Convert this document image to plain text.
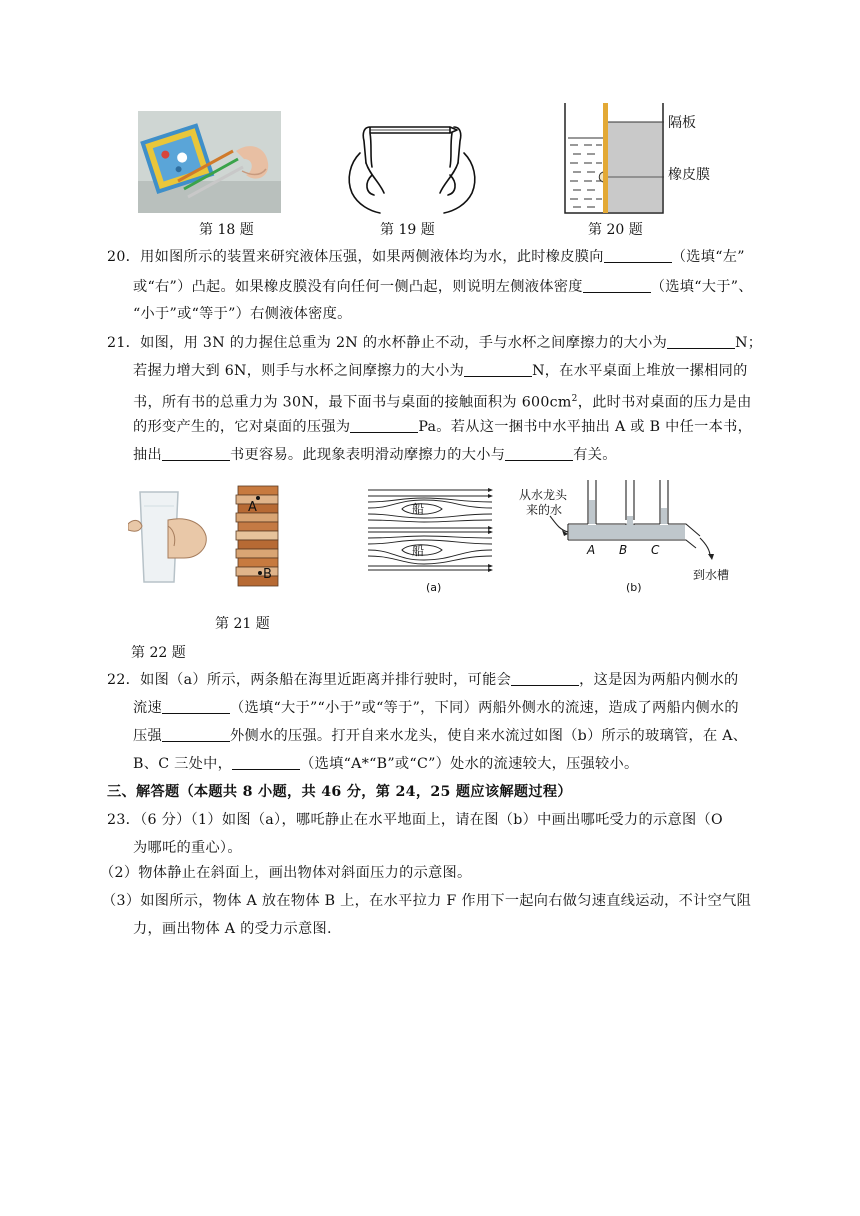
第 18 题	第 19 题
隔板
橡皮膜
第 20 题
20．用如图所示的装置来研究液体压强，如果两侧液体均为水，此时橡皮膜向	（选填“左”
或“右”）凸起。如果橡皮膜没有向任何一侧凸起，则说明左侧液体密度	（选填“大于”、
“小于”或“等于”）右侧液体密度。
21．如图，用 3N 的力握住总重为 2N 的水杯静止不动，手与水杯之间摩擦力的大小为	N；
若握力增大到 6N，则手与水杯之间摩擦力的大小为	N，在水平桌面上堆放一摞相同的
书，所有书的总重力为 30N，最下面书与桌面的接触面积为 $600cm^2$，此时书对桌面的压力是由
的形变产生的，它对桌面的压强为	Pa。若从这一捆书中水平抽出 A 或 B 中任一本书，
抽出	书更容易。此现象表明滑动摩擦力的大小与	有关。
A
B
第 21 题
第 22 题
船
船
(a)
从水龙头
来的水
A B C
到水槽
(b)
22．如图（a）所示，两条船在海里近距离并排行驶时，可能会	，这是因为两船内侧水的
流速	（选填“大于”“小于”或“等于”，下同）两船外侧水的流速，造成了两船内侧水的
压强	外侧水的压强。打开自来水龙头，使自来水流过如图（b）所示的玻璃管，在 A、
B、C 三处中，	（选填“A*“B”或“C”）处水的流速较大，压强较小。
三、解答题（本题共 8 小题，共 46 分，第 24，25 题应该解题过程）
23．（6 分）（1）如图（a），哪吒静止在水平地面上，请在图（b）中画出哪吒受力的示意图（O
为哪吒的重心）。
（2）物体静止在斜面上，画出物体对斜面压力的示意图。
（3）如图所示，物体 A 放在物体 B 上，在水平拉力 F 作用下一起向右做匀速直线运动，不计空气阻
力，画出物体 A 的受力示意图.
